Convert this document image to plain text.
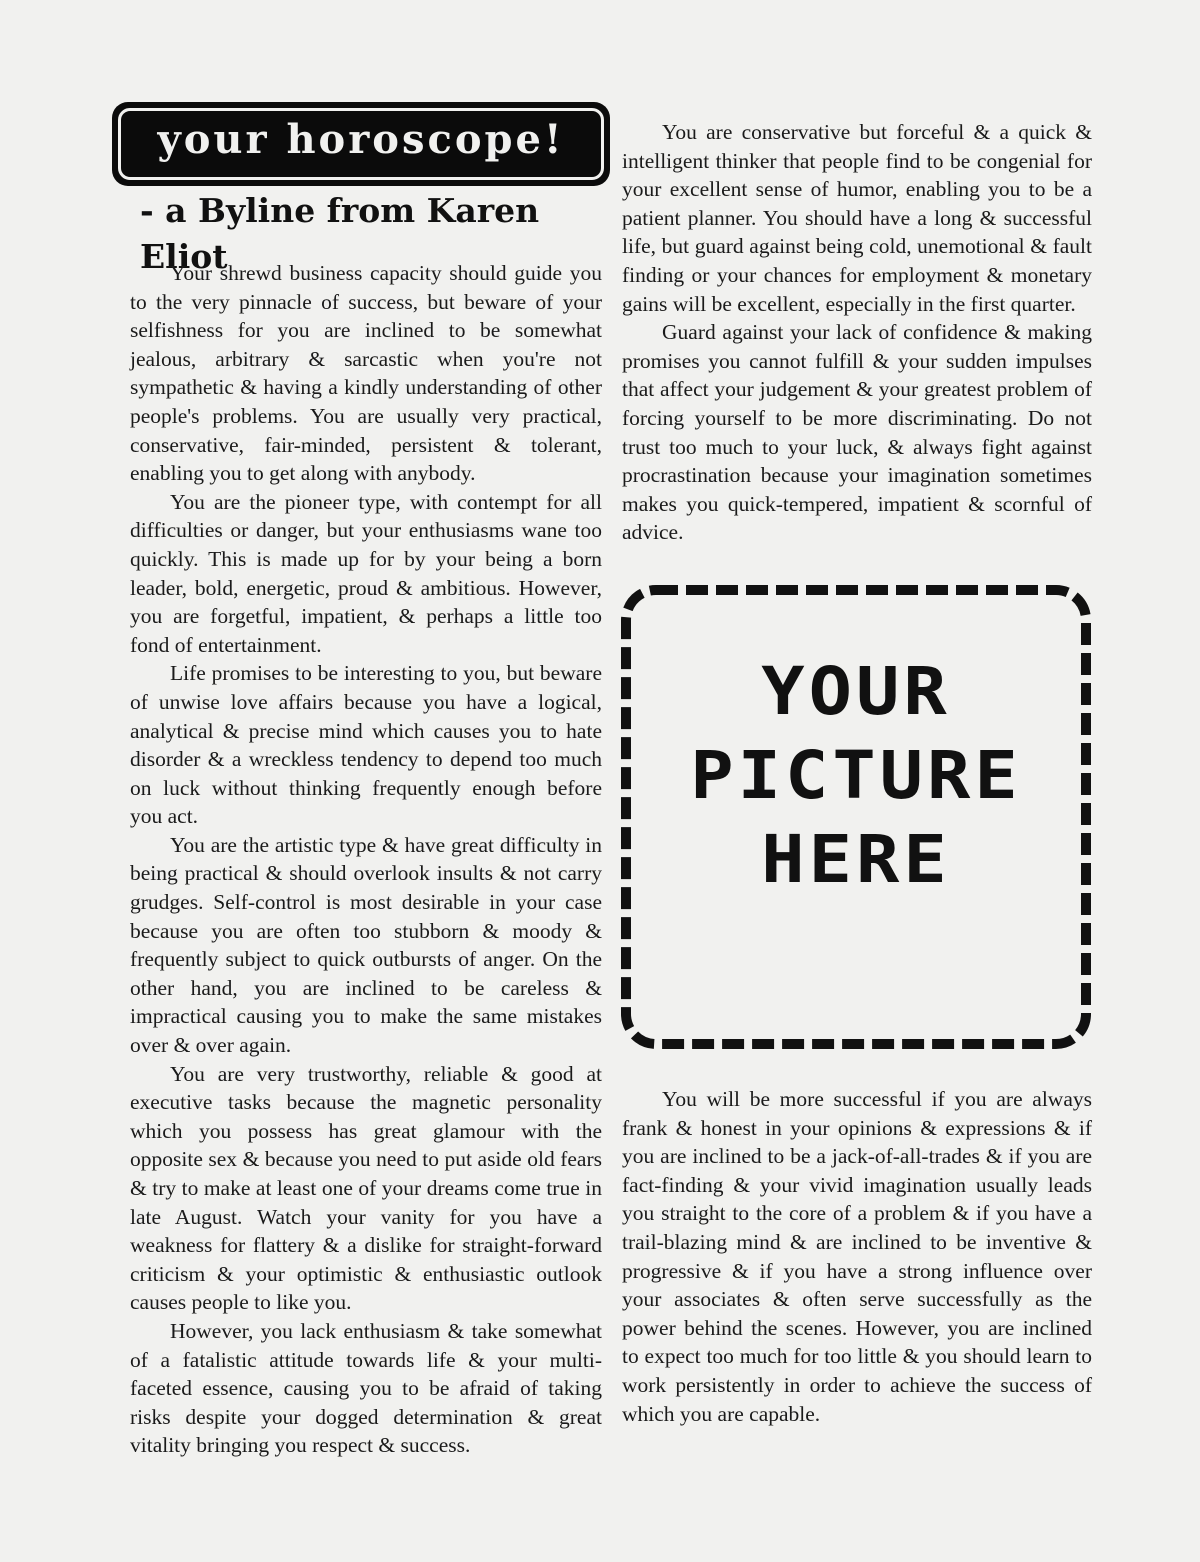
your horoscope!
- a Byline from Karen Eliot

Your shrewd business capacity should guide you to the very pinnacle of success, but beware of your selfishness for you are inclined to be somewhat jealous, arbitrary & sarcastic when you're not sympathetic & having a kindly understanding of other people's problems. You are usually very practical, conservative, fair-minded, persistent & tolerant, enabling you to get along with anybody.

You are the pioneer type, with contempt for all difficulties or danger, but your enthusiasms wane too quickly. This is made up for by your being a born leader, bold, energetic, proud & ambitious. However, you are forgetful, impatient, & perhaps a little too fond of entertainment.

Life promises to be interesting to you, but beware of unwise love affairs because you have a logical, analytical & precise mind which causes you to hate disorder & a wreckless tendency to depend too much on luck without thinking frequently enough before you act.

You are the artistic type & have great difficulty in being practical & should overlook insults & not carry grudges. Self-control is most desirable in your case because you are often too stubborn & moody & frequently subject to quick outbursts of anger. On the other hand, you are inclined to be careless & impractical causing you to make the same mistakes over & over again.

You are very trustworthy, reliable & good at executive tasks because the magnetic personality which you possess has great glamour with the opposite sex & because you need to put aside old fears & try to make at least one of your dreams come true in late August. Watch your vanity for you have a weakness for flattery & a dislike for straight-forward criticism & your optimistic & enthusiastic outlook causes people to like you.

However, you lack enthusiasm & take somewhat of a fatalistic attitude towards life & your multi-faceted essence, causing you to be afraid of taking risks despite your dogged determination & great vitality bringing you respect & success.

You are conservative but forceful & a quick & intelligent thinker that people find to be congenial for your excellent sense of humor, enabling you to be a patient planner. You should have a long & successful life, but guard against being cold, unemotional & fault finding or your chances for employment & monetary gains will be excellent, especially in the first quarter.

Guard against your lack of confidence & making promises you cannot fulfill & your sudden impulses that affect your judgement & your greatest problem of forcing yourself to be more discriminating. Do not trust too much to your luck, & always fight against procrastination because your imagination sometimes makes you quick-tempered, impatient & scornful of advice.

YOUR
PICTURE
HERE

You will be more successful if you are always frank & honest in your opinions & expressions & if you are inclined to be a jack-of-all-trades & if you are fact-finding & your vivid imagination usually leads you straight to the core of a problem & if you have a trail-blazing mind & are inclined to be inventive & progressive & if you have a strong influence over your associates & often serve successfully as the power behind the scenes. However, you are inclined to expect too much for too little & you should learn to work persistently in order to achieve the success of which you are capable.
